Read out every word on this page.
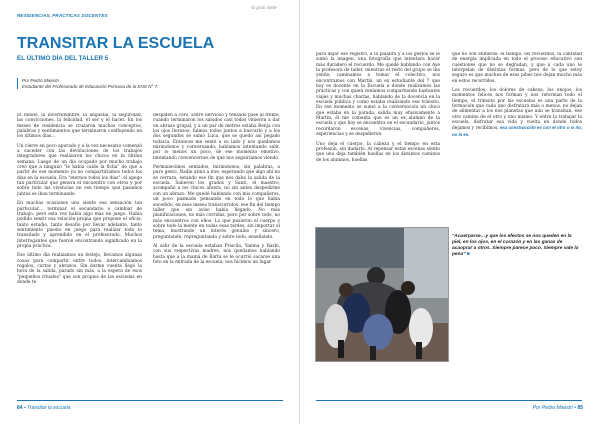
-la gran siete-
RESIDENCIAS, PRÁCTICAS DOCENTES
TRANSITAR LA ESCUELA
EL ÚLTIMO DÍA DEL TALLER 5
Por Pedro Maestri
Estudiante del Profesorado de Educación Primaria de la ENS N° 7.

El miedo, la incertidumbre, la angustia, la seguridad, las convicciones, la felicidad, el ser y el hacer. En los meses de residencia se cruzaron muchos conceptos, palabras y sentimientos que terminaron confluyendo en los últimos días…

Un cierre en poco apurado y a la vez necesario comenzó a suceder con las devoluciones de los trabajos integradores que realizaron los chicos en la última semana. Luego de un día ocupado por mucho trabajo creo que a ninguno "le había caído la ficha" de que a partir de ese momento ya no compartiríamos todos los días en la escuela. Era "eternos todos los días", el apego tan particular que genera el encuentro con otros y por sobre todo las vivencias en ese tiempo que pasamos juntos se iban terminando.

En muchas ocasiones uno siente esa sensación tan particular… terminar el secundario o cambiar de trabajo, pero esta vez había algo más en juego. Había podido sentir esa relación propia que propone el oficio; tanto estudio, tanto desafío por llevar adelante, tanto sentimiento puesto en juego para realizar todo lo transitado y aprendido en el profesorado. Muchos interrogantes que fueron encontrando significado en la propia práctica.

Ese último día realizamos un festejo, llevamos algunas cosas para compartir entre todos, intercambiamos regalos, cartas y abrazos. Sin darme cuenta llegó la hora de la salida, parado sin más, a la espera de esos "pequeños rituales" que son propios de las escuelas en donde te

despiden a coro. Entré nervioso y tensado pasé al frente, cuando terminaron los saludos casi todos vinieron a dar un abrazo grupal, y a un par de metros estaba Benja con los ojos llorosos; fuimos todos juntos a buscarlo y a los dos segundos se sumó Luca, que se quedó así pegado todavía. Entonces me senté a su lado y nos quedamos mirándonos y conversando; hablamos intentando salir, por lo menos un poco, de ese momento emotivo, intentando convencernos de que nos seguiríamos viendo.

Permanecimos sentados, mirándonos, sin palabras, a puro gesto. Nadie atinó a irse, esperando que algo ahí no se cerrara, estando ese fin que nos daba la salida de la escuela. Salieron los grados y Santi, el maestro, acompañó a los chicos afuera, no sin antes despedirme con un abrazo. Me quedé hablando con mis compañeros, un poco pasmado pensando en todo lo que había sucedido, en esos meses transcurridos, ese fin del tiempo taller que sin aviso había llegado. No más planificaciones, no más corridas, pero por sobre todo, no más encuentros con ellos. Lo que pusieron el cuerpo y sobre todo la mente en todas esas tardes, sin importar el tema, mostrando un interés genuino y sincero, preguntando, repreguntando y sobre todo, enseñando.

Al salir de la escuela estaban Priscila, Yanina y Barbi, con sus respectivas madres, nos quedamos hablando hasta que a la mamá de Barbi se le ocurrió sacarse una foto en la entrada de la escuela; nos hicimos un lugar

para dejar ese registro, a la palabra y a los gestos se le sumó la imagen, una fotografía que intentara hacer más duradero el recuerdo. Me quedé hablando con Aye la profesora de taller, mientras el resto del grupo se iba yendo, caminamos a tomar el colectivo, nos encontramos con Martín, un ex estudiante del 7 que hoy es docente en la Escuela e donde realizamos las prácticas y con quien veníamos compartiendo bastantes viajes y muchas charlas, hablando de la docencia en la escuela pública y como estaba realizando ese tránsito. En ese momento se sumó a la conversación un chico que estaba en la parada, salida muy efusivamente a Martín, él me comenta que es un ex alumno de la escuela y que hoy se encuentra en el secundario, juntos recordaron escenas, vivencias, compañeros, experiencias y se despidieron.

Uno deja el cuerpo, la cabeza y el tiempo en esta profesión, sin dudarlo. Al repensar estas escenas siento que uno deja también huellas en los distintos caminos de los alumnos, huellas

que no son efímeras: el tiempo, los recuerdos, la cantidad de energía implicada en todo el proceso educativo son cuestiones que no se degradan, y que a cada uno le interpelan de distintas formas, pero de lo que estoy seguro es que muchos de esos pibes nos dejan mucho más en estos recorridos.

Los recuerdos, los dolores de cabeza, los enojos, los momentos felices nos forman y nos reforman todo el tiempo; el tránsito por las escuelas es una parte de la formación que cada uno disfrutará más o menos, no dejan de alimentar a los nos planetas que aún se transitan, ese otro camino de el otro y uno mismo. Y entre la trabajar la escuela, disfrutar esa vida y vuelta en donde todos dejamos y recibimos, esa construcción es con el otro o si no, no la es.

"Acuerparse…y que los efectos se nos queden en la piel, en los ojos, en el corazón y en las ganas de acaoprar a otros. Siempre parece poco. Siempre vale la pena" ■
84 • Transitar la escuela	Por Pedro Maestri • 85
